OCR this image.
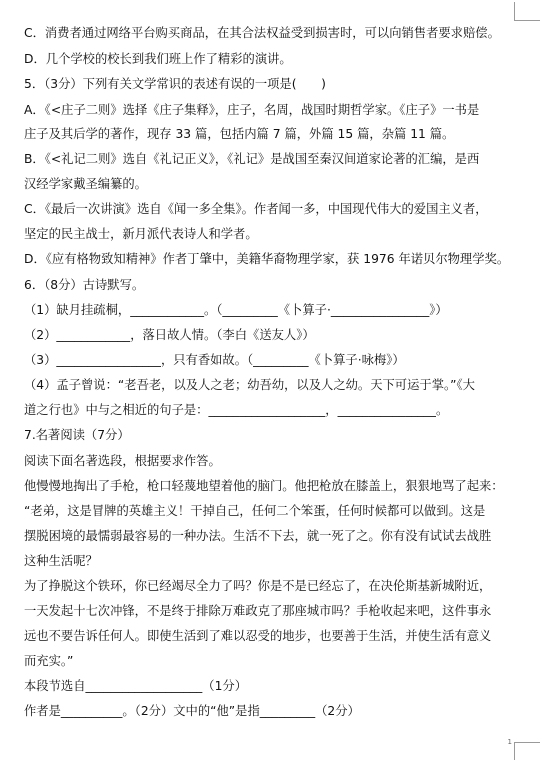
C．消费者通过网络平台购买商品，在其合法权益受到损害时，可以向销售者要求赔偿。
D．几个学校的校长到我们班上作了精彩的演讲。
5．（3分）下列有关文学常识的表述有误的一项是(　　)
A．《<庄子二则》选择《庄子集释》，庄子，名周，战国时期哲学家。《庄子》一书是
庄子及其后学的著作，现存 33 篇，包括内篇 7 篇，外篇 15 篇，杂篇 11 篇。
B．《<礼记二则》选自《礼记正义》，《礼记》是战国至秦汉间道家论著的汇编，是西
汉经学家戴圣编纂的。
C．《最后一次讲演》选自《闻一多全集》。作者闻一多，中国现代伟大的爱国主义者，
坚定的民主战士，新月派代表诗人和学者。
D．《应有格物致知精神》作者丁肇中，美籍华裔物理学家，获 1976 年诺贝尔物理学奖。
6．（8分）古诗默写。
（1）缺月挂疏桐，____________。（_________《卜算子·________________》）
（2）____________，落日故人情。（李白《送友人》）
（3）_________________，只有香如故。（_________《卜算子·咏梅》）
（4）孟子曾说：“老吾老，以及人之老；幼吾幼，以及人之幼。天下可运于掌。”《大
道之行也》中与之相近的句子是：___________________，________________。
7.名著阅读（7分）
阅读下面名著选段，根据要求作答。
他慢慢地掏出了手枪，枪口轻蔑地望着他的脑门。他把枪放在膝盖上，狠狠地骂了起来：
“老弟，这是冒牌的英雄主义！干掉自己，任何二个笨蛋，任何时候都可以做到。这是
摆脱困境的最懦弱最容易的一种办法。生活不下去，就一死了之。你有没有试试去战胜
这种生活呢？
为了挣脱这个铁环，你已经竭尽全力了吗？你是不是已经忘了，在决伦斯基新城附近，
一天发起十七次冲锋，不是终于排除万难政克了那座城市吗？手枪收起来吧，这件事永
远也不要告诉任何人。即使生活到了难以忍受的地步，也要善于生活，并使生活有意义
而充实。”
本段节选自___________________（1分）
作者是__________。（2分）文中的“他”是指_________（2分）
1
